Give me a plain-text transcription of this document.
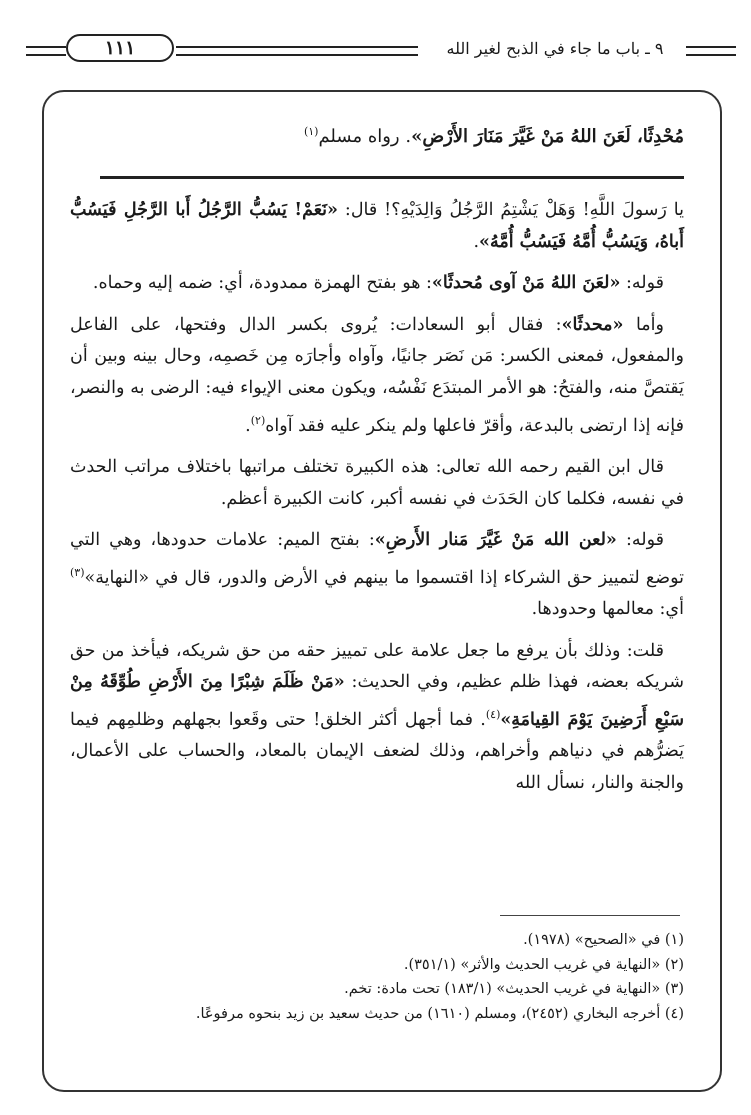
١١١	٩ ـ باب ما جاء في الذبح لغير الله
مُحْدِثًا، لَعَنَ اللهُ مَنْ غَيَّرَ مَنَارَ الأَرْضِ». رواه مسلم$^{(١)}$

يا رَسولَ اللَّهِ! وَهَلْ يَشْتِمُ الرَّجُلُ وَالِدَيْهِ؟! قال: «نَعَمْ! يَسُبُّ الرَّجُلُ أَبا الرَّجُلِ فَيَسُبُّ أَباهُ، وَيَسُبُّ أُمَّهُ فَيَسُبُّ أُمَّهُ».

قوله: «لعَنَ اللهُ مَنْ آوى مُحدثًا»: هو بفتح الهمزة ممدودة، أي: ضمه إليه وحماه.

وأما «محدثًا»: فقال أبو السعادات: يُروى بكسر الدال وفتحها، على الفاعل والمفعول، فمعنى الكسر: مَن نَصَر جانيًا، وآواه وأجارَه مِن خَصمِه، وحال بينه وبين أن يَقتصَّ منه، والفتحُ: هو الأمر المبتدَع نَفْسُه، ويكون معنى الإيواء فيه: الرضى به والنصر، فإنه إذا ارتضى بالبدعة، وأقرّ فاعلها ولم ينكر عليه فقد آواه$^{(٢)}$.

قال ابن القيم رحمه الله تعالى: هذه الكبيرة تختلف مراتبها باختلاف مراتب الحدث في نفسه، فكلما كان الحَدَث في نفسه أكبر، كانت الكبيرة أعظم.

قوله: «لعن الله مَنْ غَيَّرَ مَنار الأَرضِ»: بفتح الميم: علامات حدودها، وهي التي توضع لتمييز حق الشركاء إذا اقتسموا ما بينهم في الأرض والدور، قال في «النهاية»$^{(٣)}$ أي: معالمها وحدودها.

قلت: وذلك بأن يرفع ما جعل علامة على تمييز حقه من حق شريكه، فيأخذ من حق شريكه بعضه، فهذا ظلم عظيم، وفي الحديث: «مَنْ ظَلَمَ شِبْرًا مِنَ الأَرْضِ طُوِّقَهُ مِنْ سَبْعِ أَرَضِينَ يَوْمَ القِيامَةِ»$^{(٤)}$. فما أجهل أكثر الخلق! حتى وقَعوا بجهلهم وظلمِهم فيما يَضرُّهم في دنياهم وأخراهم، وذلك لضعف الإيمان بالمعاد، والحساب على الأعمال، والجنة والنار، نسأل الله

(١) في «الصحيح» (١٩٧٨).
(٢) «النهاية في غريب الحديث والأثر» (٣٥١/١).
(٣) «النهاية في غريب الحديث» (١٨٣/١) تحت مادة: تخم.
(٤) أخرجه البخاري (٢٤٥٢)، ومسلم (١٦١٠) من حديث سعيد بن زيد بنحوه مرفوعًا.
